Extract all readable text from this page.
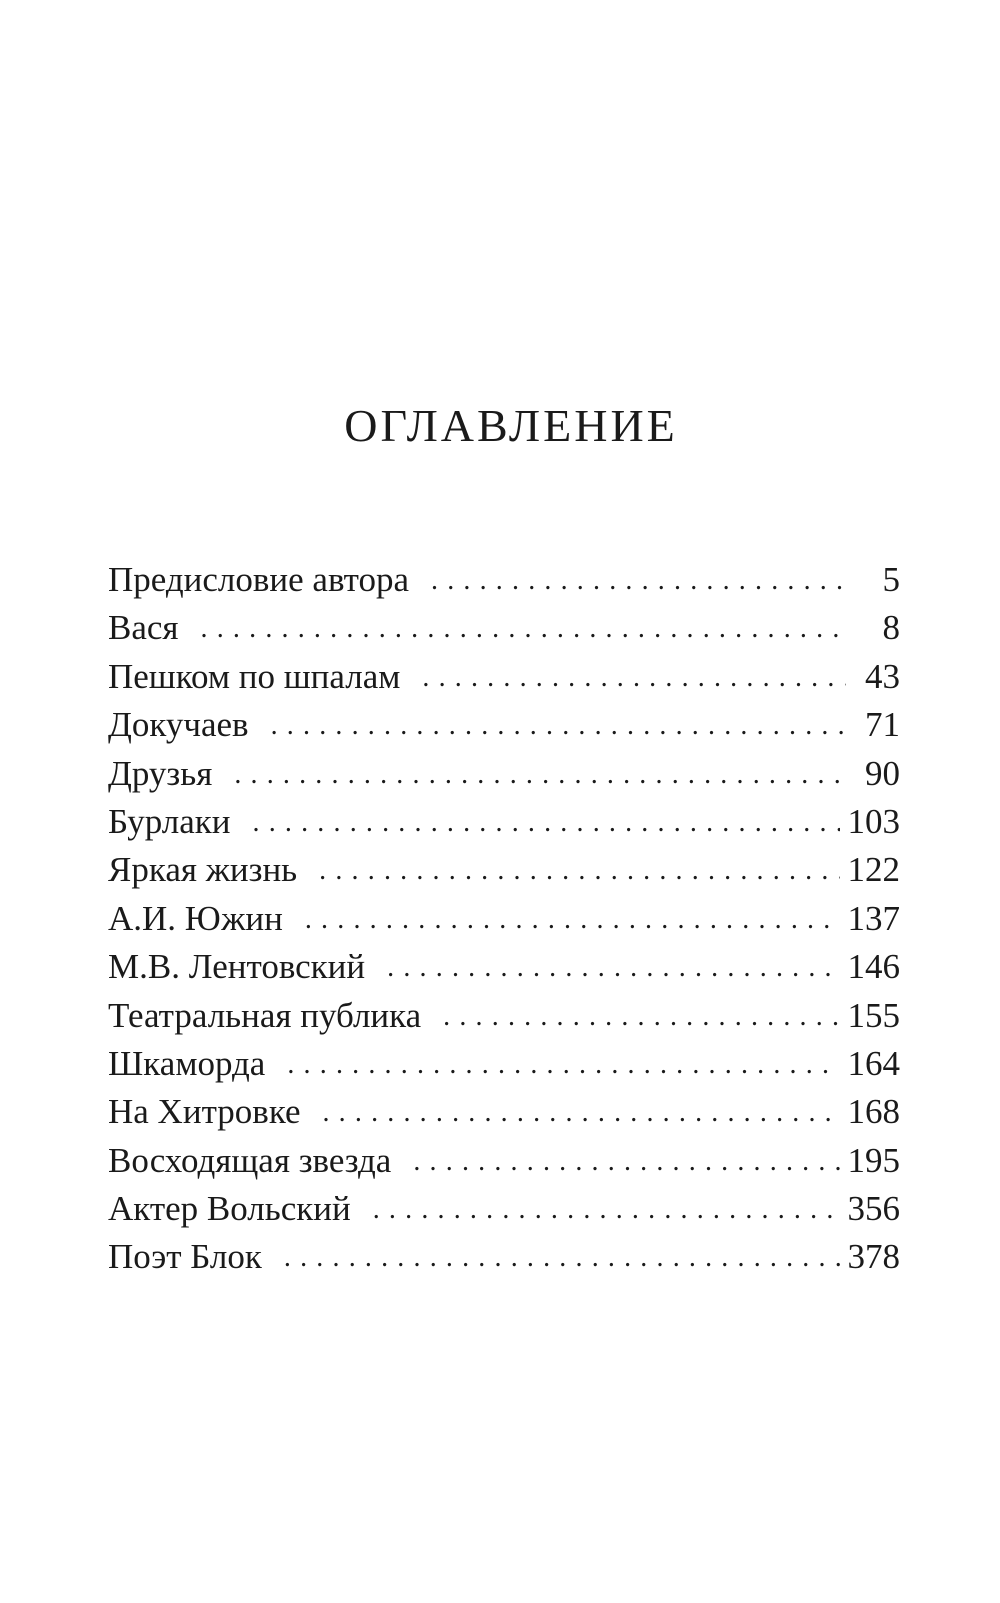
ОГЛАВЛЕНИЕ
Предисловие автора . . .	5
Вася . . .	8
Пешком по шпалам . . .	43
Докучаев . . .	71
Друзья . . .	90
Бурлаки . . .	103
Яркая жизнь . . .	122
А.И. Южин . . .	137
М.В. Лентовский . . .	146
Театральная публика . . .	155
Шкаморда . . .	164
На Хитровке . . .	168
Восходящая звезда . . .	195
Актер Вольский . . .	356
Поэт Блок . . .	378
